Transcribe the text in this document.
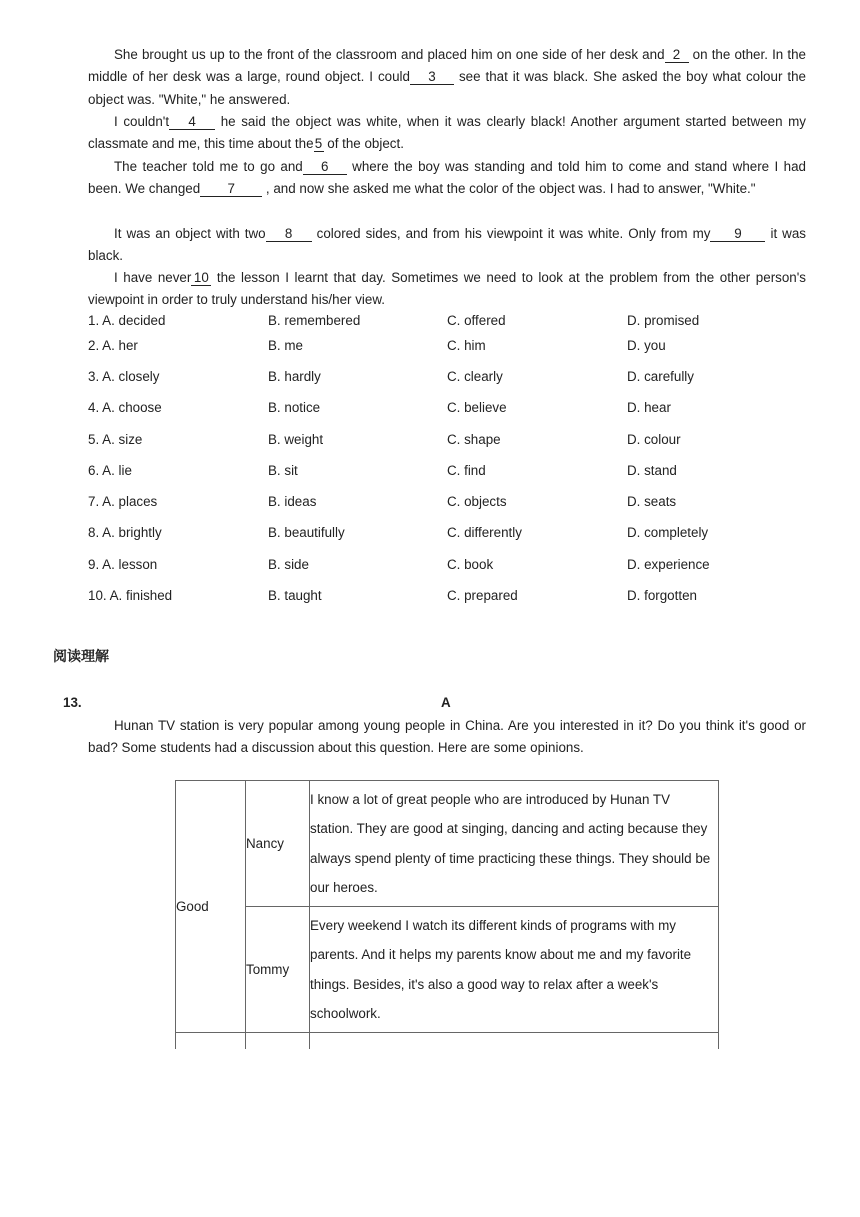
She brought us up to the front of the classroom and placed him on one side of her desk and 2 on the other. In the middle of her desk was a large, round object. I could 3 see that it was black. She asked the boy what colour the object was. "White," he answered.

I couldn't 4 he said the object was white, when it was clearly black! Another argument started between my classmate and me, this time about the5 of the object.

The teacher told me to go and 6 where the boy was standing and told him to come and stand where I had been. We changed 7 , and now she asked me what the color of the object was. I had to answer, "White."

It was an object with two 8 colored sides, and from his viewpoint it was white. Only from my 9 it was black.

I have never 10 the lesson I learnt that day. Sometimes we need to look at the problem from the other person's viewpoint in order to truly understand his/her view.

1. A. decided	B. remembered	C. offered	D. promised
2. A. her	B. me	C. him	D. you
3. A. closely	B. hardly	C. clearly	D. carefully
4. A. choose	B. notice	C. believe	D. hear
5. A. size	B. weight	C. shape	D. colour
6. A. lie	B. sit	C. find	D. stand
7. A. places	B. ideas	C. objects	D. seats
8. A. brightly	B. beautifully	C. differently	D. completely
9. A. lesson	B. side	C. book	D. experience
10. A. finished	B. taught	C. prepared	D. forgotten
阅读理解
13.	A

Hunan TV station is very popular among young people in China. Are you interested in it? Do you think it's good or bad? Some students had a discussion about this question. Here are some opinions.

Good	Nancy	I know a lot of great people who are introduced by Hunan TV station. They are good at singing, dancing and acting because they always spend plenty of time practicing these things. They should be our heroes.
	Tommy	Every weekend I watch its different kinds of programs with my parents. And it helps my parents know about me and my favorite things. Besides, it's also a good way to relax after a week's schoolwork.
